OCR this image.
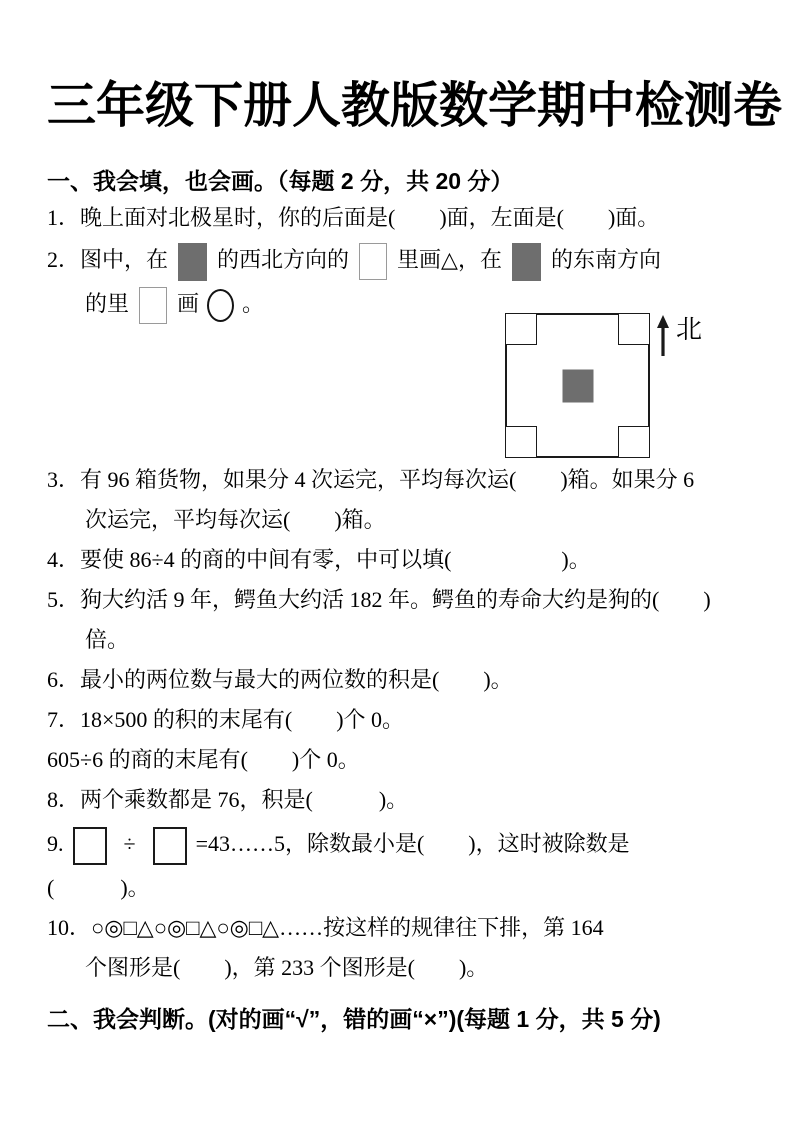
三年级下册人教版数学期中检测卷
一、我会填，也会画。（每题 2 分，共 20 分）
1．晚上面对北极星时，你的后面是(　　)面，左面是(　　)面。
2．图中，在 的西北方向的 里画△，在 的东南方向
的里 画 。
3．有 96 箱货物，如果分 4 次运完，平均每次运(　　)箱。如果分 6
次运完，平均每次运(　　)箱。
4．要使 86÷4 的商的中间有零，中可以填(　　　　　)。
5．狗大约活 9 年，鳄鱼大约活 182 年。鳄鱼的寿命大约是狗的(　　)
倍。
6．最小的两位数与最大的两位数的积是(　　)。
7．18×500 的积的末尾有(　　)个 0。
605÷6 的商的末尾有(　　)个 0。
8．两个乘数都是 76，积是(　　　)。
9.	÷	=43……5，除数最小是(　　)，这时被除数是
(　　　)。
10．○◎□△○◎□△○◎□△……按这样的规律往下排，第 164
个图形是(　　)，第 233 个图形是(　　)。
二、我会判断。(对的画“√”，错的画“×”)(每题 1 分，共 5 分)
北
